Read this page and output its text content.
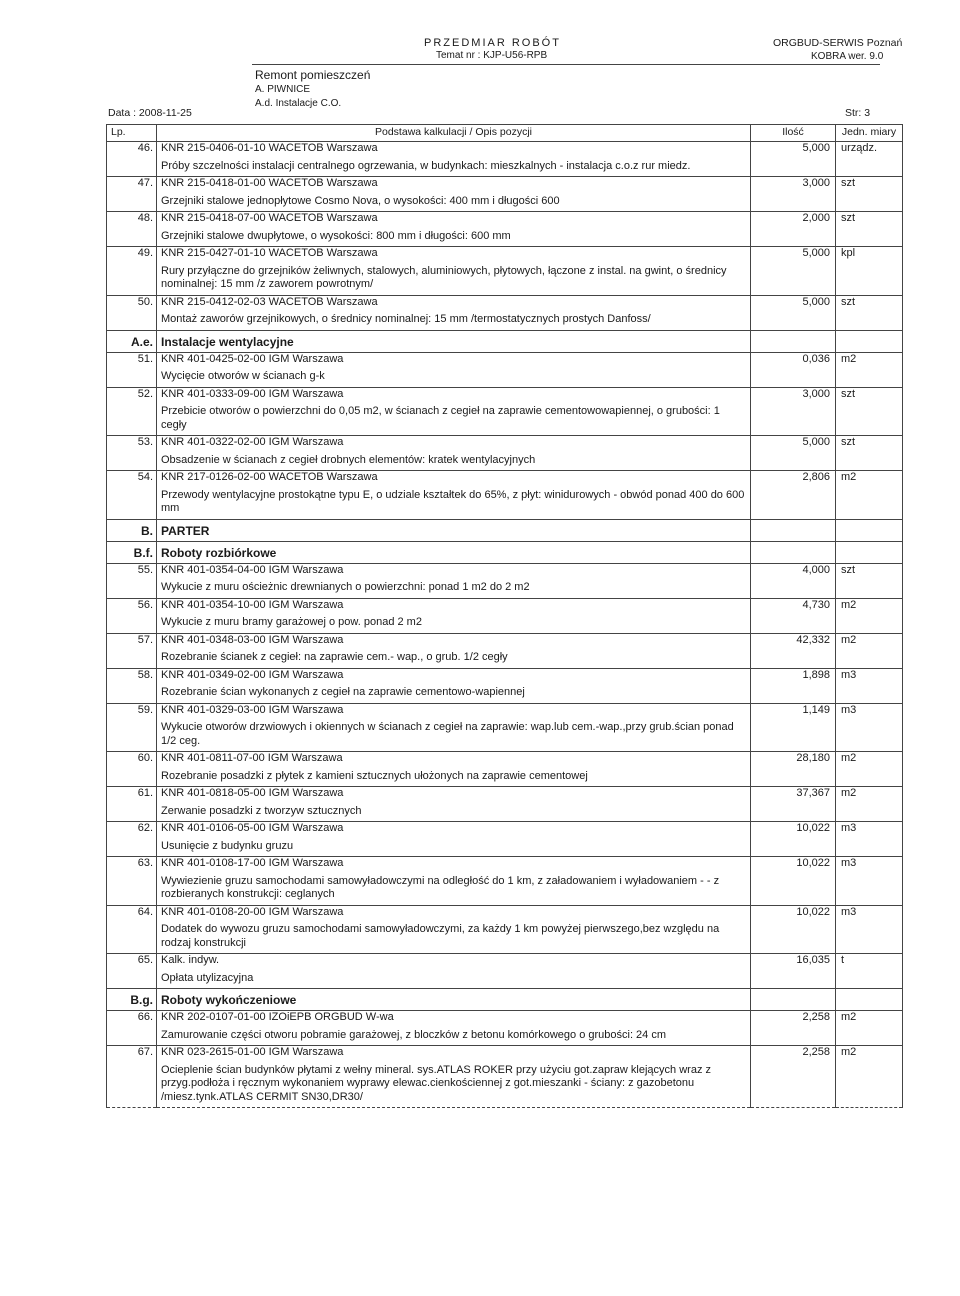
PRZEDMIAR ROBÓT
Temat nr : KJP-U56-RPB
ORGBUD-SERWIS Poznań
KOBRA wer. 9.0
Remont pomieszczeń
A. PIWNICE
A.d. Instalacje C.O.
Data : 2008-11-25	Str: 3
Lp.	Podstawa kalkulacji / Opis pozycji	Ilość	Jedn. miary
46.	KNR 215-0406-01-10 WACETOB Warszawa
Próby szczelności instalacji centralnego ogrzewania, w budynkach: mieszkalnych - instalacja c.o.z rur miedz.	5,000	urządz.
47.	KNR 215-0418-01-00 WACETOB Warszawa
Grzejniki stalowe jednopłytowe Cosmo Nova, o wysokości: 400 mm i długości 600	3,000	szt
48.	KNR 215-0418-07-00 WACETOB Warszawa
Grzejniki stalowe dwupłytowe, o wysokości: 800 mm i długości: 600 mm	2,000	szt
49.	KNR 215-0427-01-10 WACETOB Warszawa
Rury przyłączne do grzejników żeliwnych, stalowych, aluminiowych, płytowych, łączone z instal. na gwint, o średnicy nominalnej: 15 mm /z zaworem powrotnym/	5,000	kpl
50.	KNR 215-0412-02-03 WACETOB Warszawa
Montaż zaworów grzejnikowych, o średnicy nominalnej: 15 mm /termostatycznych prostych Danfoss/	5,000	szt
A.e.	Instalacje wentylacyjne		
51.	KNR 401-0425-02-00 IGM Warszawa
Wycięcie otworów w ścianach g-k	0,036	m2
52.	KNR 401-0333-09-00 IGM Warszawa
Przebicie otworów o powierzchni do 0,05 m2, w ścianach z cegieł na zaprawie cementowowapiennej, o grubości: 1 cegły	3,000	szt
53.	KNR 401-0322-02-00 IGM Warszawa
Obsadzenie w ścianach z cegieł drobnych elementów: kratek wentylacyjnych	5,000	szt
54.	KNR 217-0126-02-00 WACETOB Warszawa
Przewody wentylacyjne prostokątne typu E, o udziale kształtek do 65%, z płyt: winidurowych - obwód ponad 400 do 600 mm	2,806	m2
B.	PARTER		
B.f.	Roboty rozbiórkowe		
55.	KNR 401-0354-04-00 IGM Warszawa
Wykucie z muru ościeżnic drewnianych o powierzchni: ponad 1 m2 do 2 m2	4,000	szt
56.	KNR 401-0354-10-00 IGM Warszawa
Wykucie z muru bramy garażowej o pow. ponad 2 m2	4,730	m2
57.	KNR 401-0348-03-00 IGM Warszawa
Rozebranie ścianek z cegieł: na zaprawie cem.- wap., o grub. 1/2 cegły	42,332	m2
58.	KNR 401-0349-02-00 IGM Warszawa
Rozebranie ścian wykonanych z cegieł na zaprawie cementowo-wapiennej	1,898	m3
59.	KNR 401-0329-03-00 IGM Warszawa
Wykucie otworów drzwiowych i okiennych w ścianach z cegieł na zaprawie: wap.lub cem.-wap.,przy grub.ścian ponad 1/2 ceg.	1,149	m3
60.	KNR 401-0811-07-00 IGM Warszawa
Rozebranie posadzki z płytek z kamieni sztucznych ułożonych na zaprawie cementowej	28,180	m2
61.	KNR 401-0818-05-00 IGM Warszawa
Zerwanie posadzki z tworzyw sztucznych	37,367	m2
62.	KNR 401-0106-05-00 IGM Warszawa
Usunięcie z budynku gruzu	10,022	m3
63.	KNR 401-0108-17-00 IGM Warszawa
Wywiezienie gruzu samochodami samowyładowczymi na odległość do 1 km, z załadowaniem i wyładowaniem - - z rozbieranych konstrukcji: ceglanych	10,022	m3
64.	KNR 401-0108-20-00 IGM Warszawa
Dodatek do wywozu gruzu samochodami samowyładowczymi, za każdy 1 km powyżej pierwszego,bez względu na rodzaj konstrukcji	10,022	m3
65.	Kalk. indyw.
Opłata utylizacyjna	16,035	t
B.g.	Roboty wykończeniowe		
66.	KNR 202-0107-01-00 IZOiEPB ORGBUD W-wa
Zamurowanie części otworu pobramie garażowej, z bloczków z betonu komórkowego o grubości: 24 cm	2,258	m2
67.	KNR 023-2615-01-00 IGM Warszawa
Ocieplenie ścian budynków płytami z wełny mineral. sys.ATLAS ROKER przy użyciu got.zapraw klejących wraz z przyg.podłoża i ręcznym wykonaniem wyprawy elewac.cienkościennej z got.mieszanki - ściany: z gazobetonu /miesz.tynk.ATLAS CERMIT SN30,DR30/	2,258	m2
